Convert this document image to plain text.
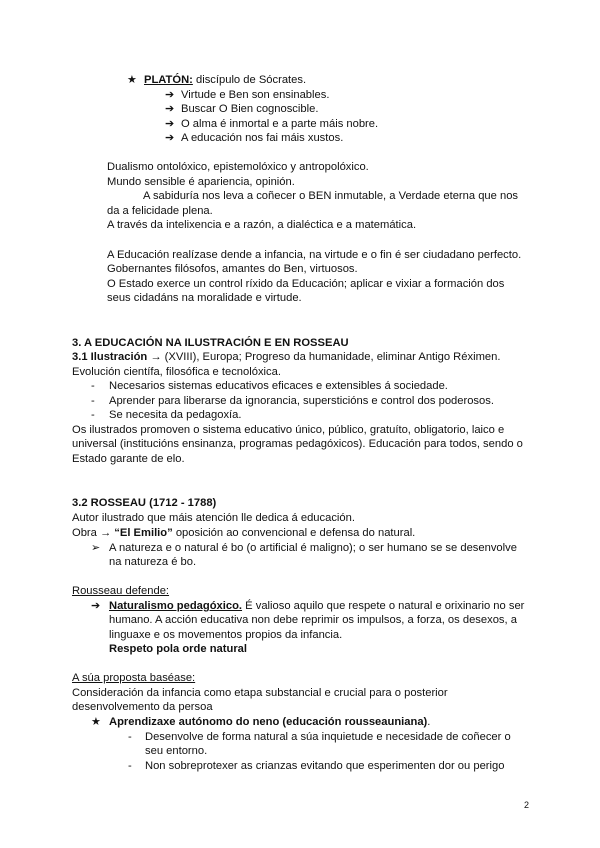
★ PLATÓN: discípulo de Sócrates.
➔ Virtude e Ben son ensinables.
➔ Buscar O Bien cognoscible.
➔ O alma é inmortal e a parte máis nobre.
➔ A educación nos fai máis xustos.
Dualismo ontolóxico, epistemolóxico y antropolóxico.
Mundo sensible é apariencia, opinión.
A sabiduría nos leva a coñecer o BEN inmutable, a Verdade eterna que nos
da a felicidade plena.
A través da intelixencia e a razón, a dialéctica e a matemática.
A Educación realízase dende a infancia, na virtude e o fin é ser ciudadano perfecto.
Gobernantes filósofos, amantes do Ben, virtuosos.
O Estado exerce un control ríxido da Educación; aplicar e vixiar a formación dos
seus cidadáns na moralidade e virtude.
3. A EDUCACIÓN NA ILUSTRACIÓN E EN ROSSEAU
3.1 Ilustración → (XVIII), Europa; Progreso da humanidade, eliminar Antigo Réximen.
Evolución científa, filosófica e tecnolóxica.
- Necesarios sistemas educativos eficaces e extensibles á sociedade.
- Aprender para liberarse da ignorancia, supersticións e control dos poderosos.
- Se necesita da pedagoxía.
Os ilustrados promoven o sistema educativo único, público, gratuíto, obligatorio, laico e
universal (institucións ensinanza, programas pedagóxicos). Educación para todos, sendo o
Estado garante de elo.
3.2 ROSSEAU (1712 - 1788)
Autor ilustrado que máis atención lle dedica á educación.
Obra → “El Emilio” oposición ao convencional e defensa do natural.
➢ A natureza e o natural é bo (o artificial é maligno); o ser humano se se desenvolve
na natureza é bo.
Rousseau defende:
➔ Naturalismo pedagóxico. É valioso aquilo que respete o natural e orixinario no ser
humano. A acción educativa non debe reprimir os impulsos, a forza, os desexos, a
linguaxe e os movementos propios da infancia.
Respeto pola orde natural
A súa proposta baséase:
Consideración da infancia como etapa substancial e crucial para o posterior
desenvolvemento da persoa
★ Aprendizaxe autónomo do neno (educación rousseauniana).
- Desenvolve de forma natural a súa inquietude e necesidade de coñecer o
seu entorno.
- Non sobreprotexer as crianzas evitando que esperimenten dor ou perigo
2
